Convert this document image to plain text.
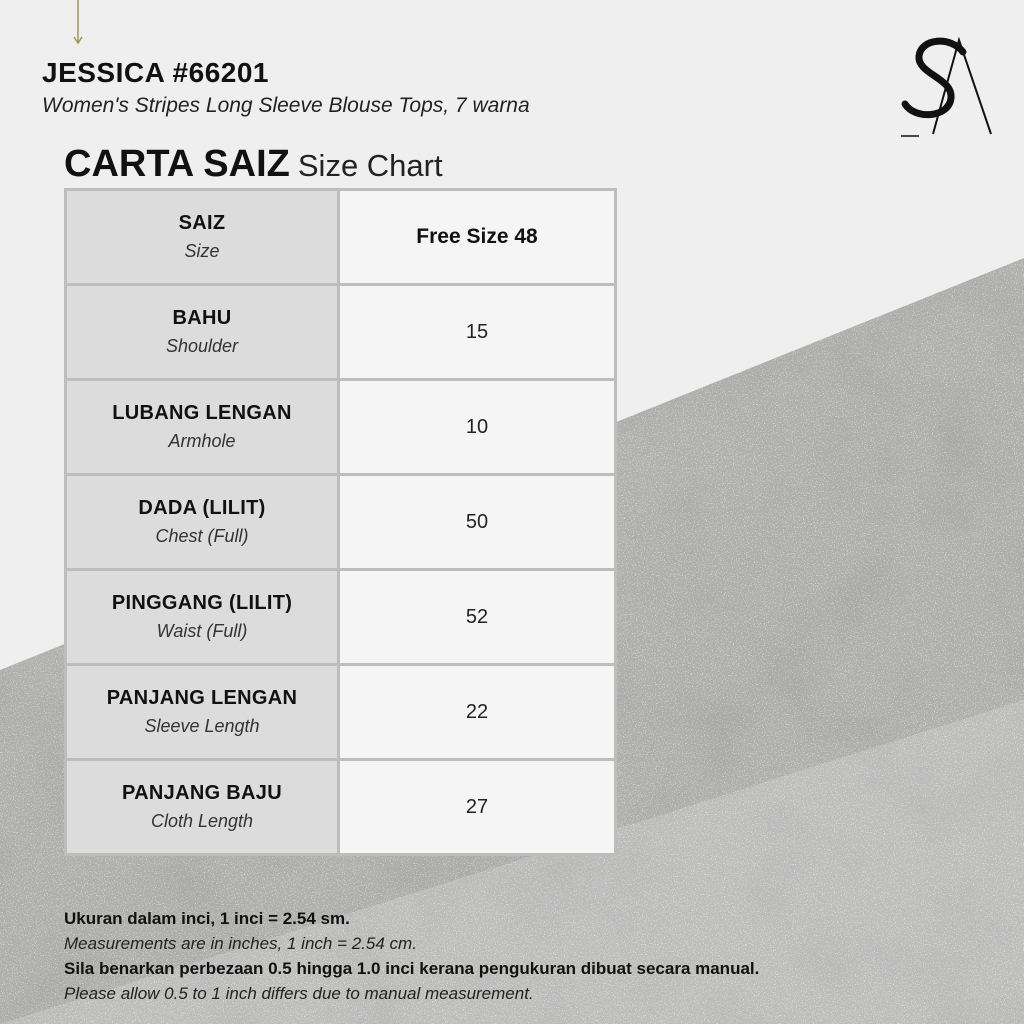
JESSICA #66201
Women's Stripes Long Sleeve Blouse Tops, 7 warna
CARTA SAIZ Size Chart
SAIZ
Size	Free Size 48

BAHU
Shoulder	15

LUBANG LENGAN
Armhole	10

DADA (LILIT)
Chest (Full)	50

PINGGANG (LILIT)
Waist (Full)	52

PANJANG LENGAN
Sleeve Length	22

PANJANG BAJU
Cloth Length	27
Ukuran dalam inci, 1 inci = 2.54 sm.
Measurements are in inches, 1 inch = 2.54 cm.
Sila benarkan perbezaan 0.5 hingga 1.0 inci kerana pengukuran dibuat secara manual.
Please allow 0.5 to 1 inch differs due to manual measurement.
